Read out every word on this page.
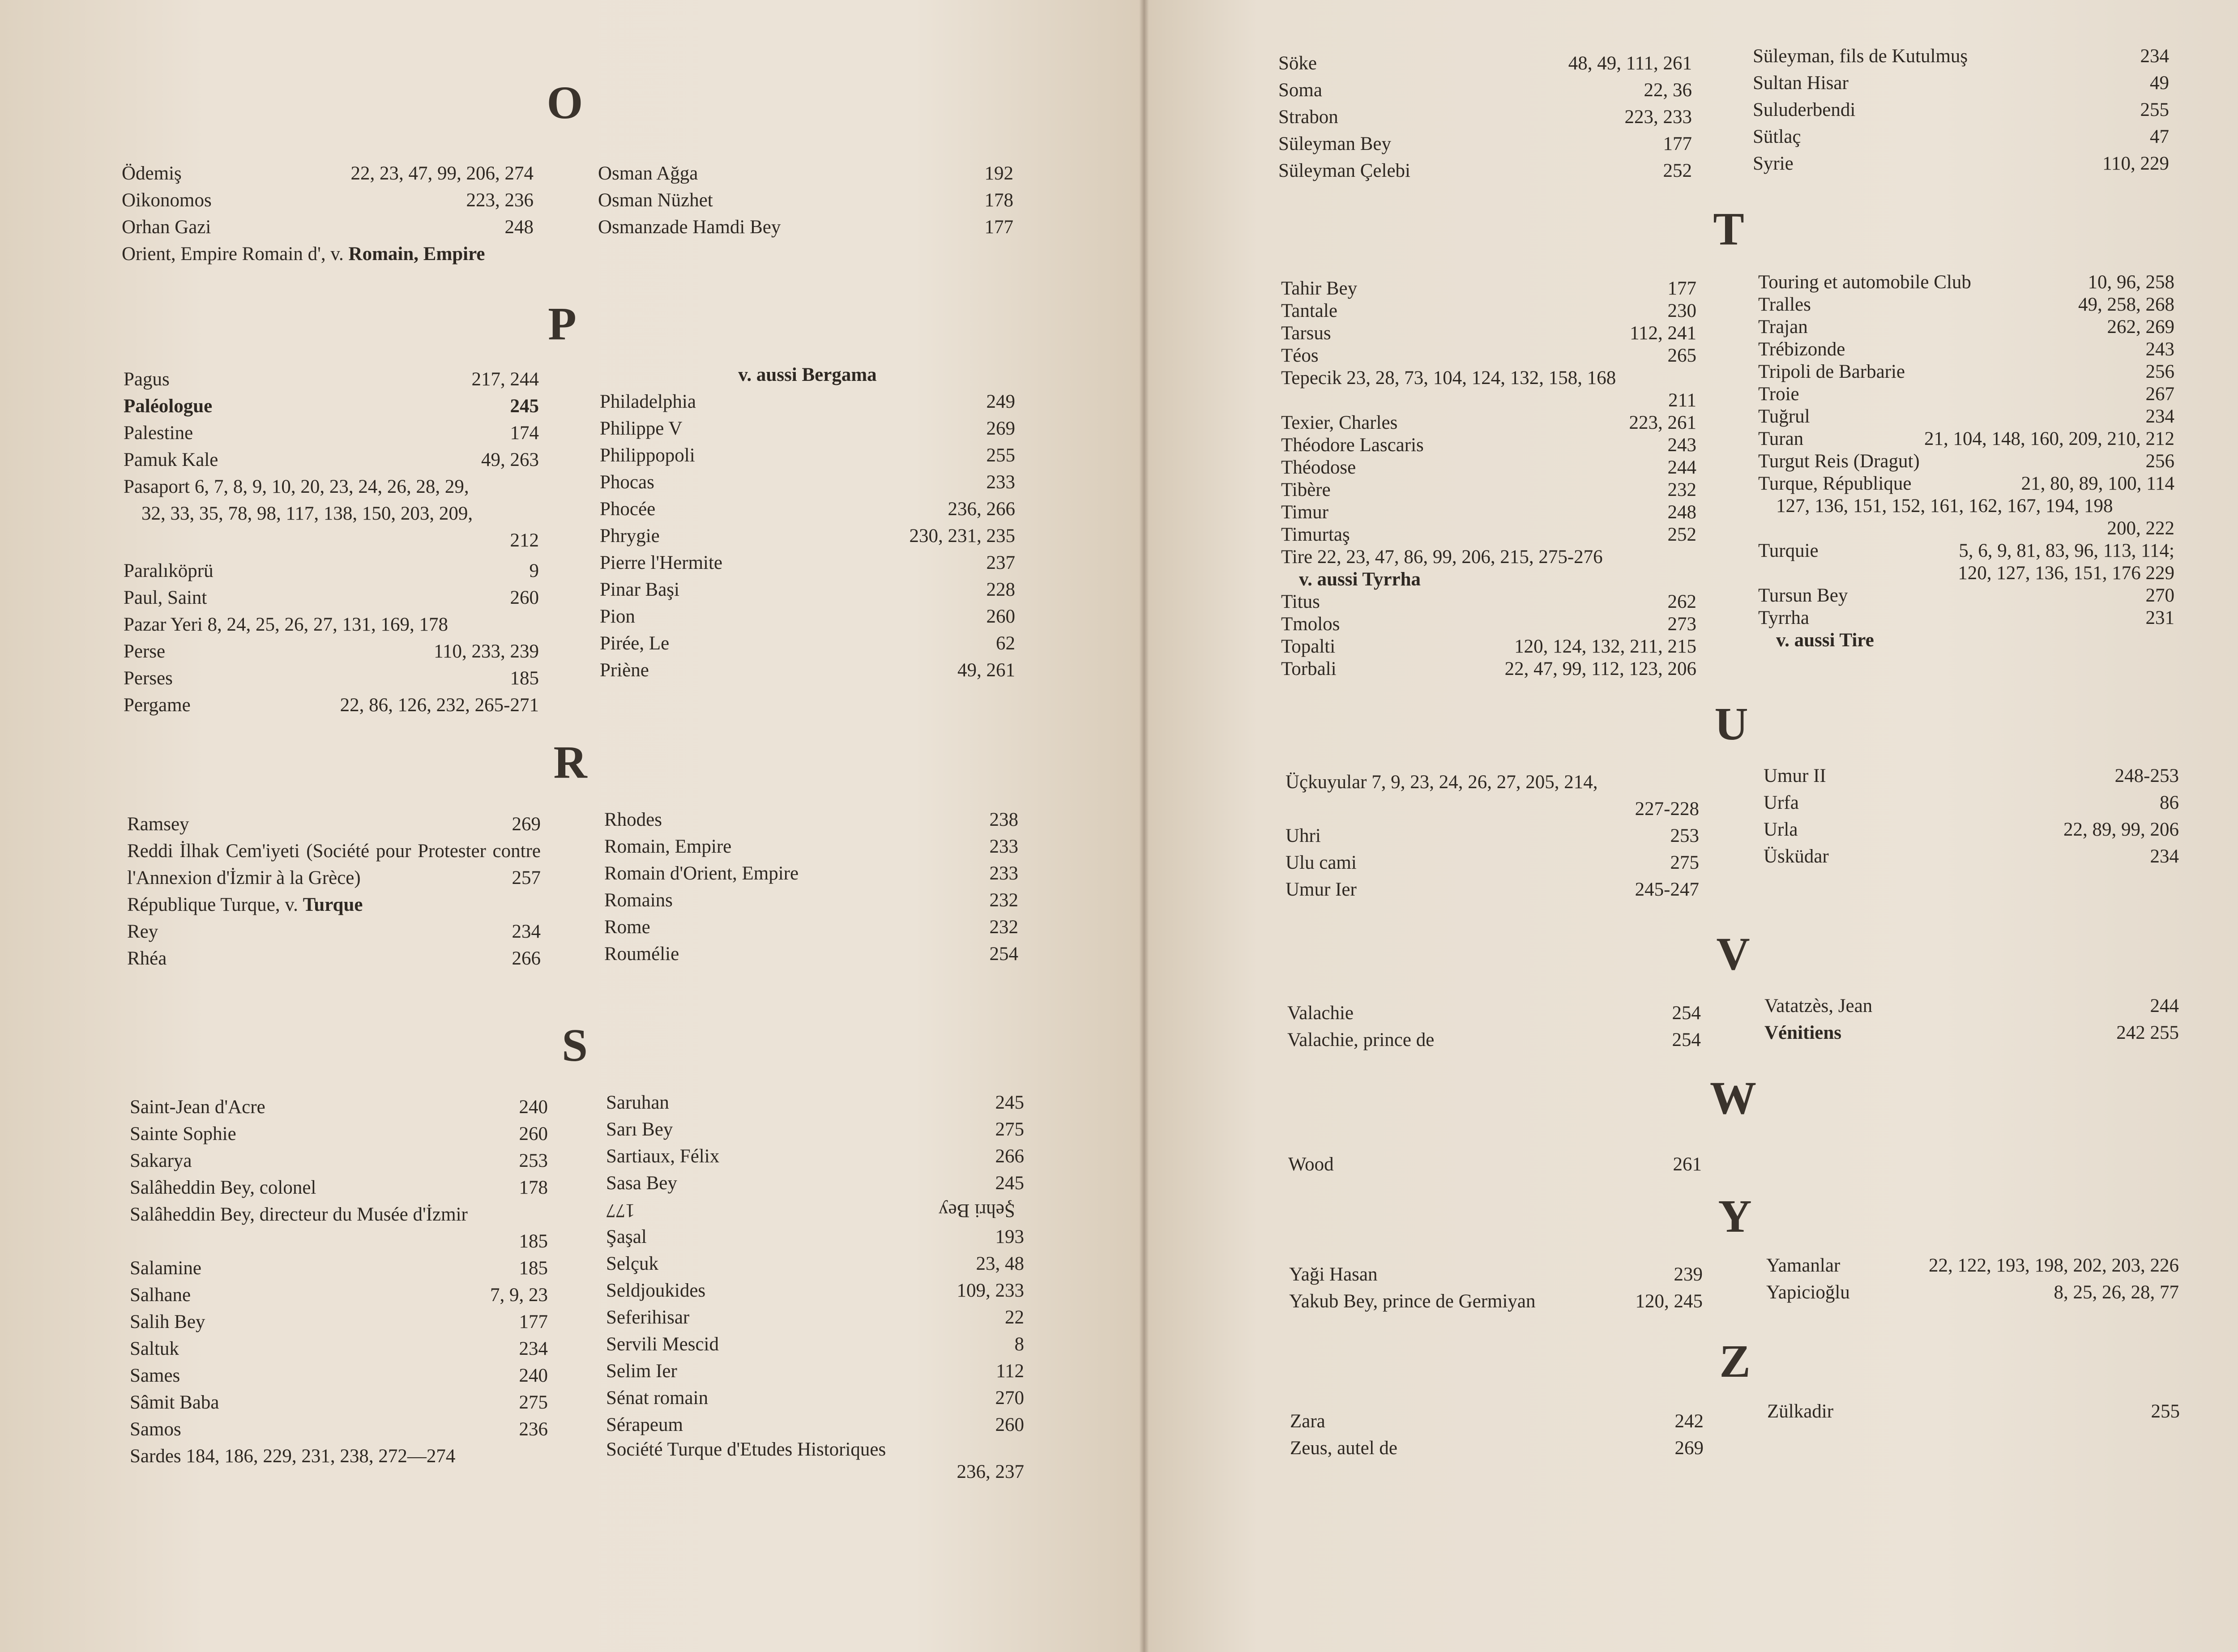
O
Ödemiş	22, 23, 47, 99, 206, 274
Oikonomos	223, 236
Orhan Gazi	248
Orient, Empire Romain d', v. Romain, Empire
Osman Ağga	192
Osman Nüzhet	178
Osmanzade Hamdi Bey	177
P
Pagus	217, 244
Paléologue	245
Palestine	174
Pamuk Kale	49, 263
Pasaport 6, 7, 8, 9, 10, 20, 23, 24, 26, 28, 29,
32, 33, 35, 78, 98, 117, 138, 150, 203, 209,
212
Paralıköprü	9
Paul, Saint	260
Pazar Yeri 8, 24, 25, 26, 27, 131, 169, 178
Perse	110, 233, 239
Perses	185
Pergame	22, 86, 126, 232, 265-271
v. aussi Bergama
Philadelphia	249
Philippe V	269
Philippopoli	255
Phocas	233
Phocée	236, 266
Phrygie	230, 231, 235
Pierre l'Hermite	237
Pinar Başi	228
Pion	260
Pirée, Le	62
Priène	49, 261
R
Ramsey	269
Reddi İlhak Cem'iyeti (Société pour Protester contre l'Annexion d'İzmir à la Grèce)	257
République Turque, v. Turque
Rey	234
Rhéa	266
Rhodes	238
Romain, Empire	233
Romain d'Orient, Empire	233
Romains	232
Rome	232
Roumélie	254
S
Saint-Jean d'Acre	240
Sainte Sophie	260
Sakarya	253
Salâheddin Bey, colonel	178
Salâheddin Bey, directeur du Musée d'İzmir
185
Salamine	185
Salhane	7, 9, 23
Salih Bey	177
Saltuk	234
Sames	240
Sâmit Baba	275
Samos	236
Sardes 184, 186, 229, 231, 238, 272—274
Saruhan	245
Sarı Bey	275
Sartiaux, Félix	266
Sasa Bey	245
177	Şehri Bey
Şaşal	193
Selçuk	23, 48
Seldjoukides	109, 233
Seferihisar	22
Servili Mescid	8
Selim Ier	112
Sénat romain	270
Sérapeum	260
Société Turque d'Etudes Historiques
236, 237
Söke	48, 49, 111, 261
Soma	22, 36
Strabon	223, 233
Süleyman Bey	177
Süleyman Çelebi	252
Süleyman, fils de Kutulmuş	234
Sultan Hisar	49
Suluderbendi	255
Sütlaç	47
Syrie	110, 229
T
Tahir Bey	177
Tantale	230
Tarsus	112, 241
Téos	265
Tepecik 23, 28, 73, 104, 124, 132, 158, 168
211
Texier, Charles	223, 261
Théodore Lascaris	243
Théodose	244
Tibère	232
Timur	248
Timurtaş	252
Tire 22, 23, 47, 86, 99, 206, 215, 275-276
v. aussi Tyrrha
Titus	262
Tmolos	273
Topalti	120, 124, 132, 211, 215
Torbali	22, 47, 99, 112, 123, 206
Touring et automobile Club	10, 96, 258
Tralles	49, 258, 268
Trajan	262, 269
Trébizonde	243
Tripoli de Barbarie	256
Troie	267
Tuğrul	234
Turan	21, 104, 148, 160, 209, 210, 212
Turgut Reis (Dragut)	256
Turque, République	21, 80, 89, 100, 114
127, 136, 151, 152, 161, 162, 167, 194, 198
200, 222
Turquie	5, 6, 9, 81, 83, 96, 113, 114;
120, 127, 136, 151, 176 229
Tursun Bey	270
Tyrrha	231
v. aussi Tire
U
Üçkuyular 7, 9, 23, 24, 26, 27, 205, 214,
227-228
Uhri	253
Ulu cami	275
Umur Ier	245-247
Umur II	248-253
Urfa	86
Urla	22, 89, 99, 206
Üsküdar	234
V
Valachie	254
Valachie, prince de	254
Vatatzès, Jean	244
Vénitiens	242 255
W
Wood	261
Y
Yaği Hasan	239
Yakub Bey, prince de Germiyan	120, 245
Yamanlar	22, 122, 193, 198, 202, 203, 226
Yapicioğlu	8, 25, 26, 28, 77
Z
Zara	242
Zeus, autel de	269
Zülkadir	255
